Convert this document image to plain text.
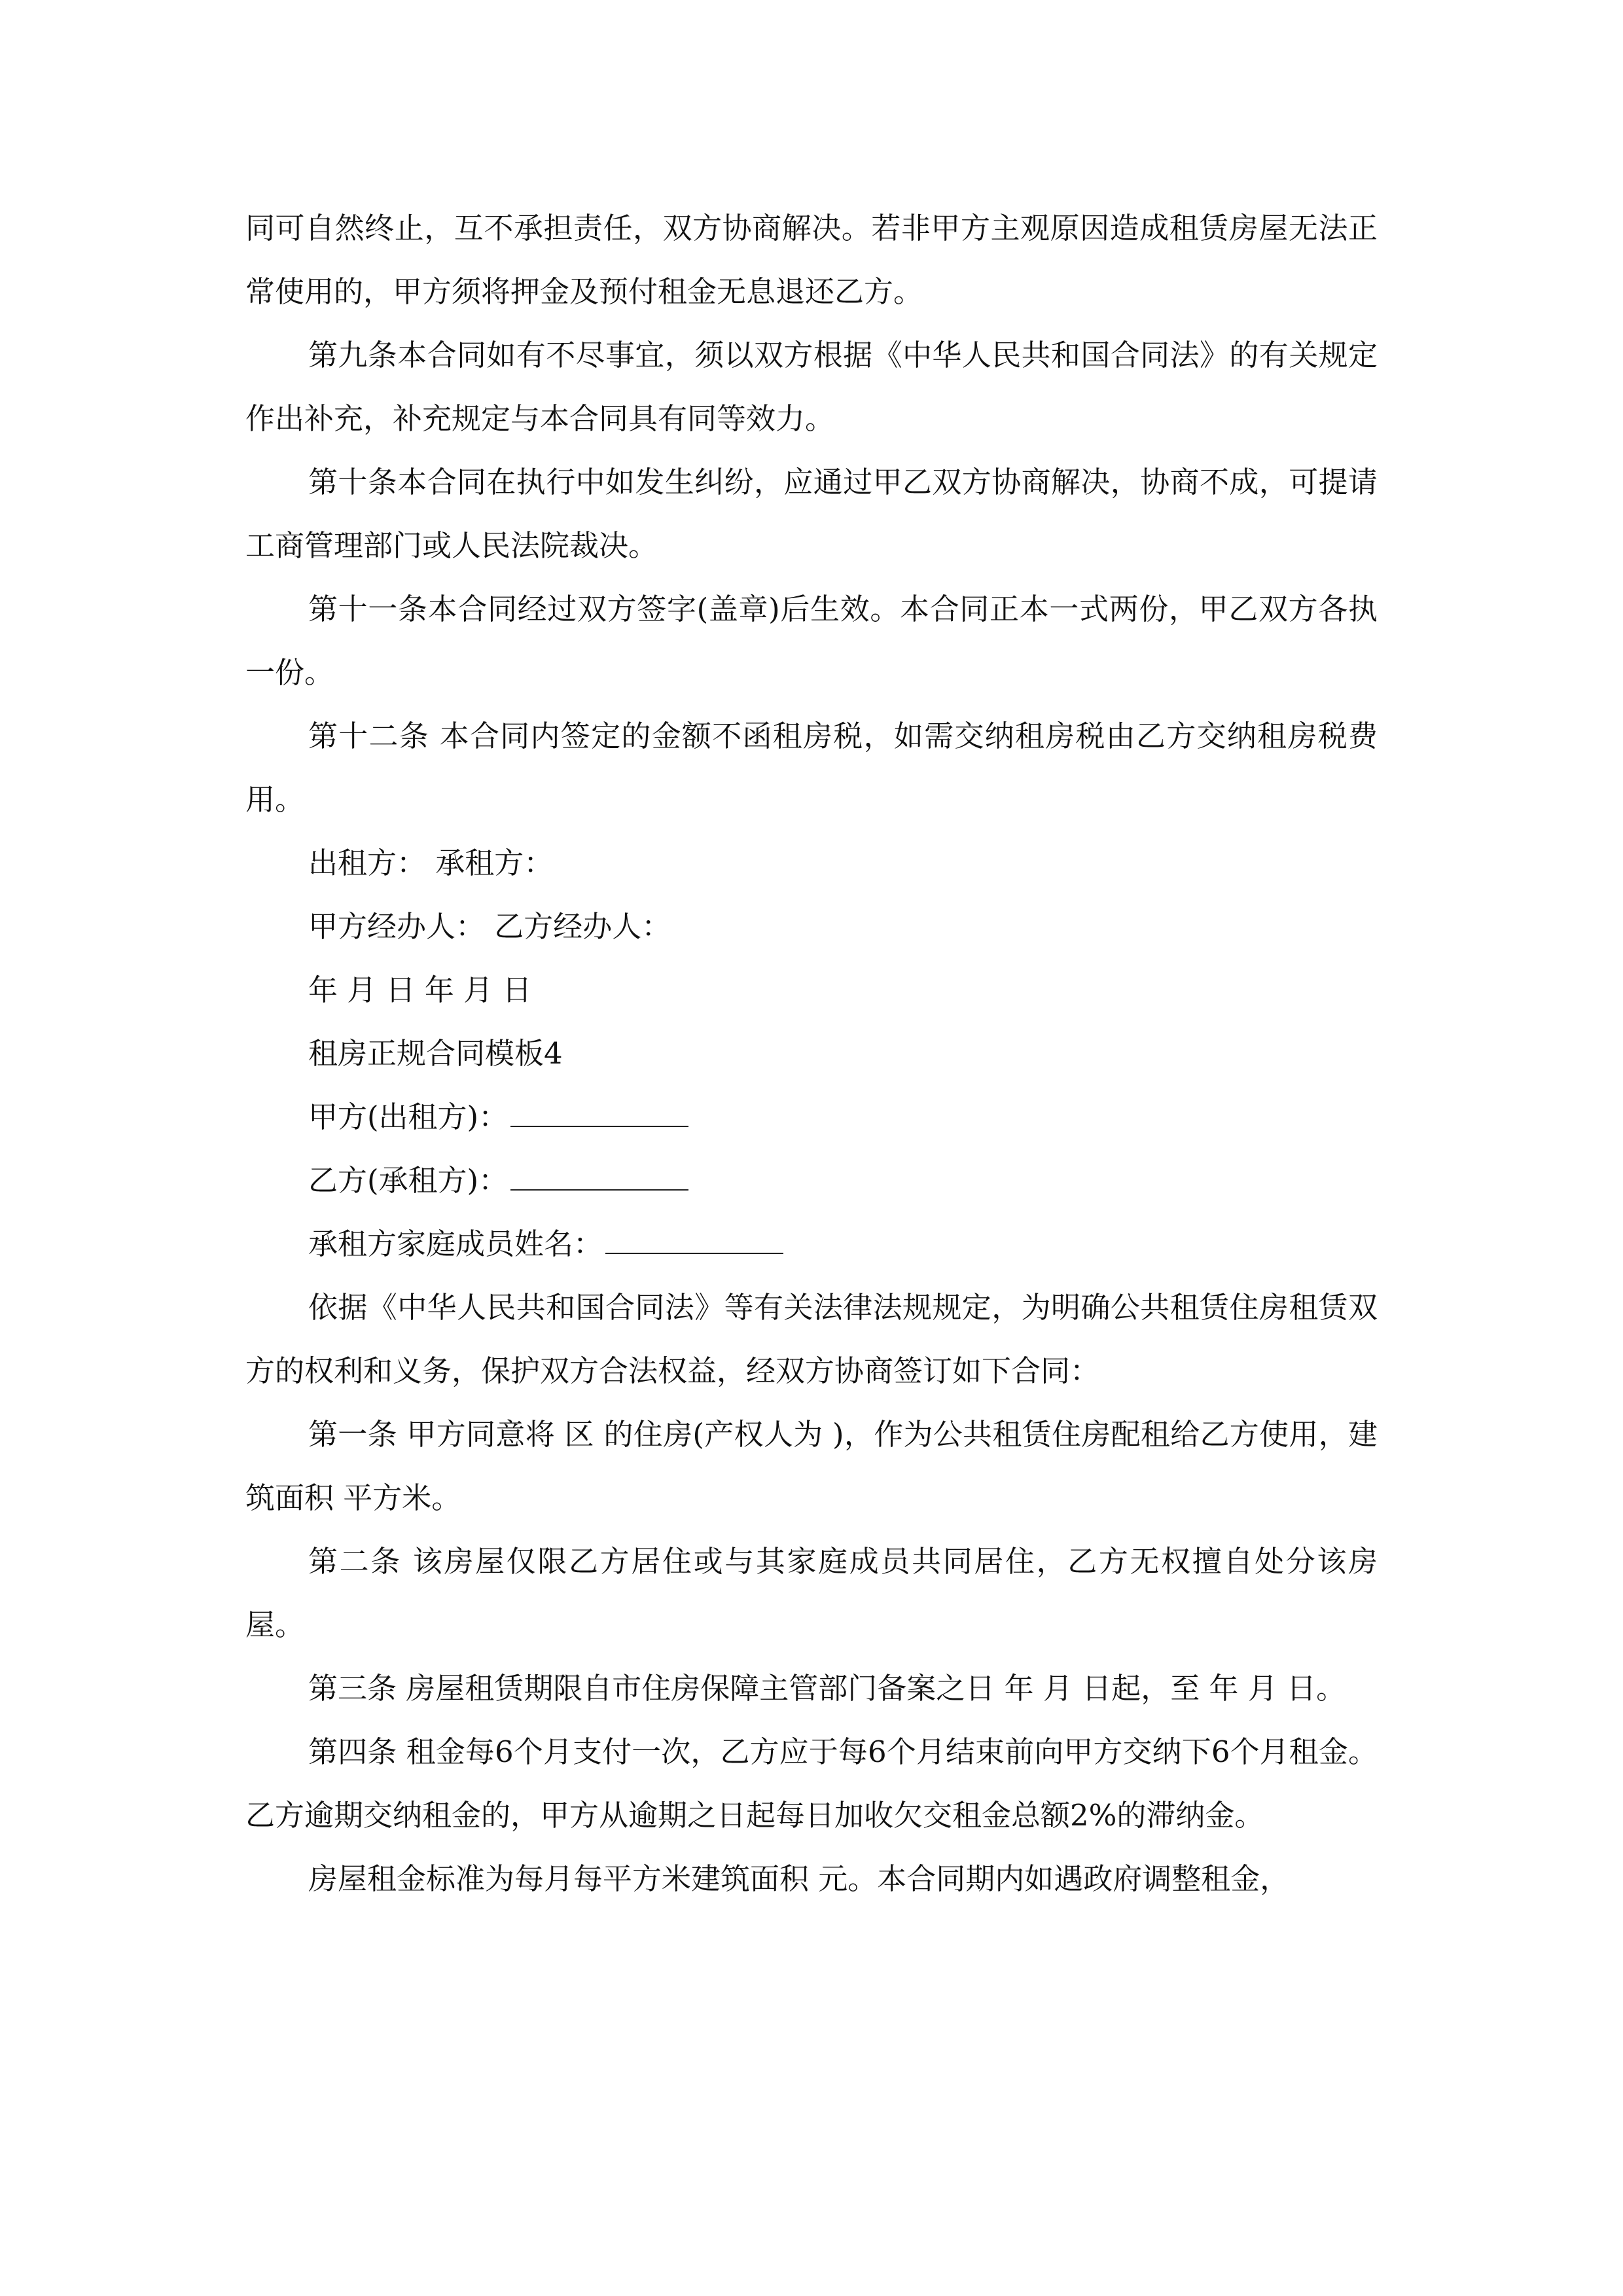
同可自然终止，互不承担责任，双方协商解决。若非甲方主观原因造成租赁房屋无法正常使用的，甲方须将押金及预付租金无息退还乙方。

第九条本合同如有不尽事宜，须以双方根据《中华人民共和国合同法》的有关规定作出补充，补充规定与本合同具有同等效力。

第十条本合同在执行中如发生纠纷，应通过甲乙双方协商解决，协商不成，可提请工商管理部门或人民法院裁决。

第十一条本合同经过双方签字(盖章)后生效。本合同正本一式两份，甲乙双方各执一份。

第十二条 本合同内签定的金额不函租房税，如需交纳租房税由乙方交纳租房税费用。

出租方： 承租方：

甲方经办人： 乙方经办人：

年 月 日 年 月 日

租房正规合同模板4

甲方(出租方)：

乙方(承租方)：

承租方家庭成员姓名：

依据《中华人民共和国合同法》等有关法律法规规定，为明确公共租赁住房租赁双方的权利和义务，保护双方合法权益，经双方协商签订如下合同：

第一条 甲方同意将 区 的住房(产权人为 )，作为公共租赁住房配租给乙方使用，建筑面积 平方米。

第二条 该房屋仅限乙方居住或与其家庭成员共同居住，乙方无权擅自处分该房屋。

第三条 房屋租赁期限自市住房保障主管部门备案之日 年 月 日起，至 年 月 日。

第四条 租金每6个月支付一次，乙方应于每6个月结束前向甲方交纳下6个月租金。乙方逾期交纳租金的，甲方从逾期之日起每日加收欠交租金总额2%的滞纳金。

房屋租金标准为每月每平方米建筑面积 元。本合同期内如遇政府调整租金，
